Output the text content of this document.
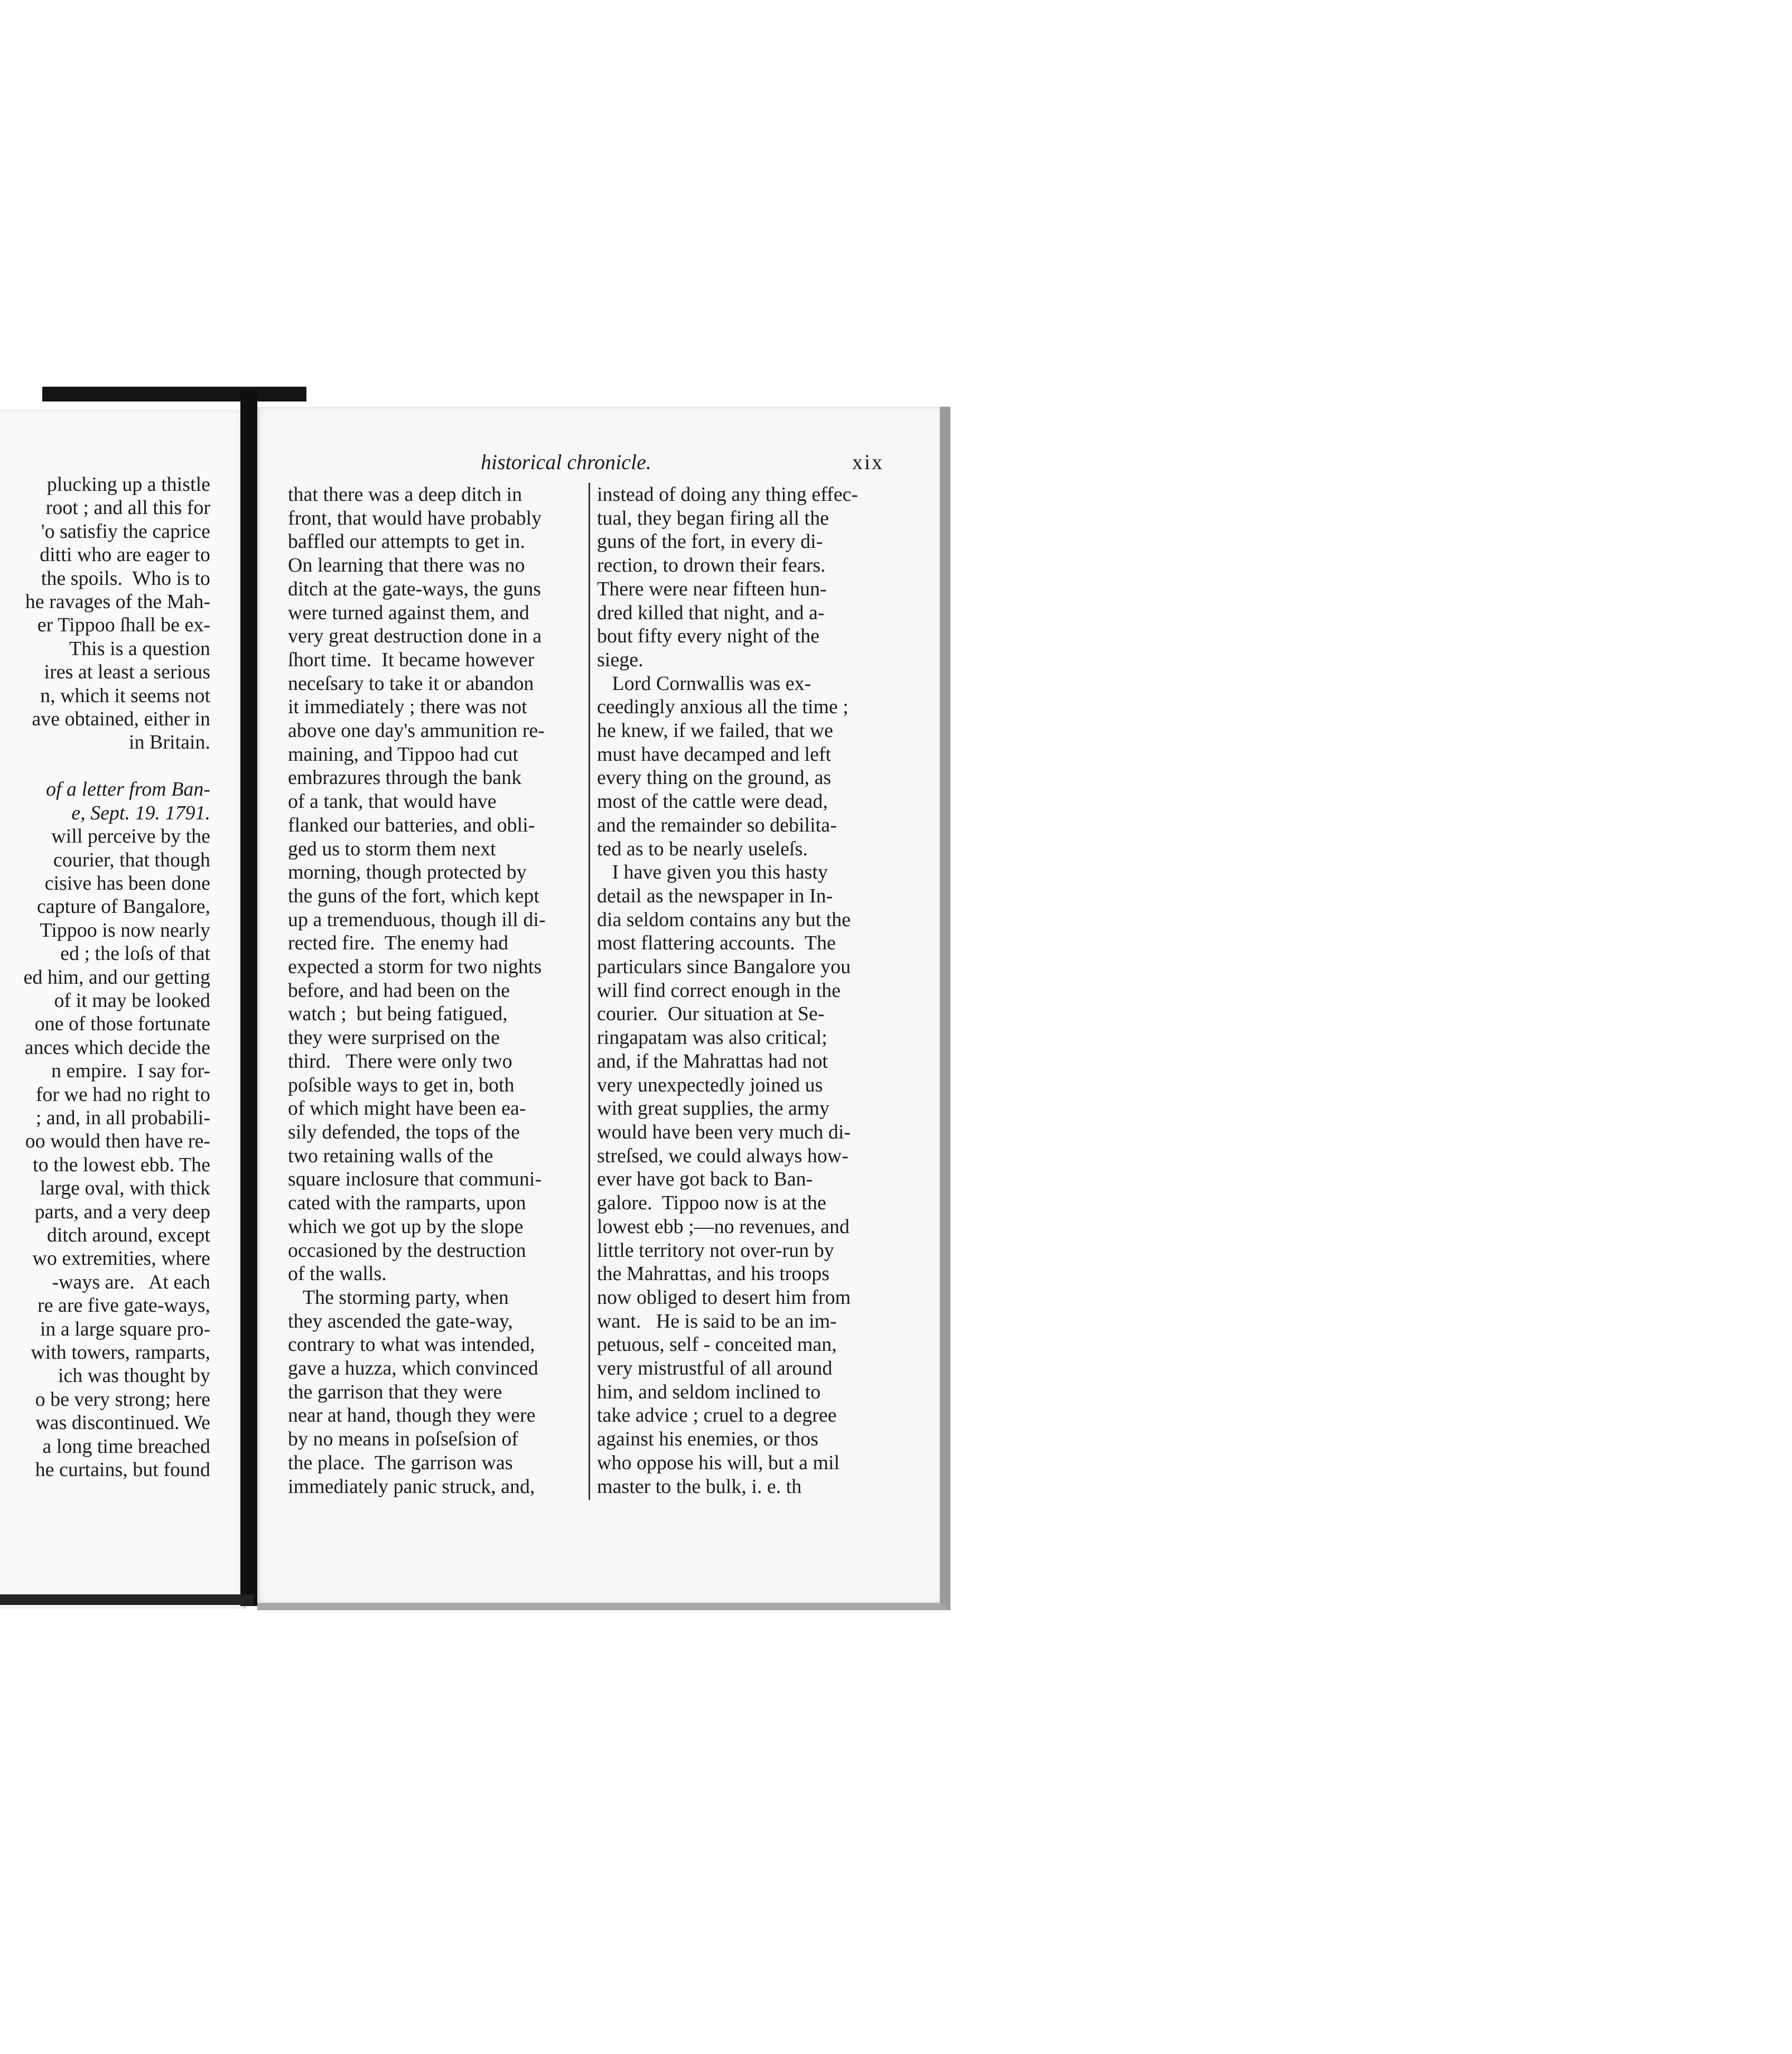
plucking up a thistle
root ; and all this for
'o satisfiy the caprice
ditti who are eager to
the spoils.  Who is to
he ravages of the Mah-
er Tippoo ſhall be ex-
This is a question
ires at least a serious
n, which it seems not
ave obtained, either in
in Britain.

of a letter from Ban-
e, Sept. 19. 1791.
will perceive by the
courier, that though
cisive has been done
capture of Bangalore,
Tippoo is now nearly
ed ; the loſs of that
ed him, and our getting
of it may be looked
one of those fortunate
ances which decide the
n empire.  I say for-
for we had no right to
; and, in all probabili-
oo would then have re-
to the lowest ebb. The
large oval, with thick
parts, and a very deep
ditch around, except
wo extremities, where
-ways are.   At each
re are five gate-ways,
in a large square pro-
with towers, ramparts,
ich was thought by
o be very strong; here
was discontinued. We
a long time breached
he curtains, but found
historical chronicle.	xix
that there was a deep ditch in
front, that would have probably
baffled our attempts to get in.
On learning that there was no
ditch at the gate-ways, the guns
were turned against them, and
very great destruction done in a
ſhort time.  It became however
neceſsary to take it or abandon
it immediately ; there was not
above one day's ammunition re-
maining, and Tippoo had cut
embrazures through the bank
of a tank, that would have
flanked our batteries, and obli-
ged us to storm them next
morning, though protected by
the guns of the fort, which kept
up a tremenduous, though ill di-
rected fire.  The enemy had
expected a storm for two nights
before, and had been on the
watch ;  but being fatigued,
they were surprised on the
third.   There were only two
poſsible ways to get in, both
of which might have been ea-
sily defended, the tops of the
two retaining walls of the
square inclosure that communi-
cated with the ramparts, upon
which we got up by the slope
occasioned by the destruction
of the walls.
The storming party, when
they ascended the gate-way,
contrary to what was intended,
gave a huzza, which convinced
the garrison that they were
near at hand, though they were
by no means in poſseſsion of
the place.  The garrison was
immediately panic struck, and,
instead of doing any thing effec-
tual, they began firing all the
guns of the fort, in every di-
rection, to drown their fears.
There were near fifteen hun-
dred killed that night, and a-
bout fifty every night of the
siege.
Lord Cornwallis was ex-
ceedingly anxious all the time ;
he knew, if we failed, that we
must have decamped and left
every thing on the ground, as
most of the cattle were dead,
and the remainder so debilita-
ted as to be nearly useleſs.
I have given you this hasty
detail as the newspaper in In-
dia seldom contains any but the
most flattering accounts.  The
particulars since Bangalore you
will find correct enough in the
courier.  Our situation at Se-
ringapatam was also critical;
and, if the Mahrattas had not
very unexpectedly joined us
with great supplies, the army
would have been very much di-
streſsed, we could always how-
ever have got back to Ban-
galore.  Tippoo now is at the
lowest ebb ;—no revenues, and
little territory not over-run by
the Mahrattas, and his troops
now obliged to desert him from
want.   He is said to be an im-
petuous, self - conceited man,
very mistrustful of all around
him, and seldom inclined to
take advice ; cruel to a degree
against his enemies, or thos
who oppose his will, but a mil
master to the bulk, i. e. th
